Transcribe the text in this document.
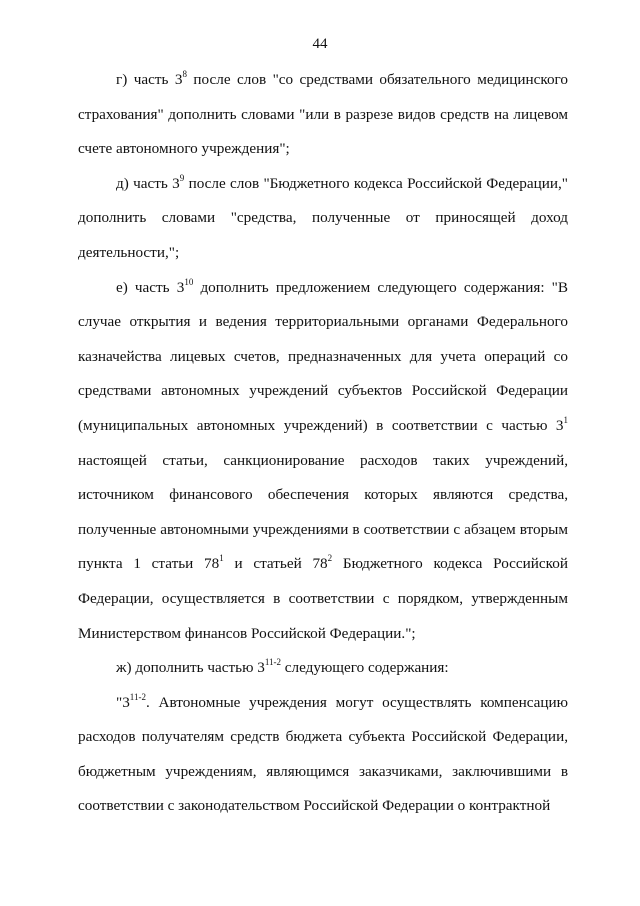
44

г) часть $3^8$ после слов "со средствами обязательного медицинского страхования" дополнить словами "или в разрезе видов средств на лицевом счете автономного учреждения";

д) часть $3^9$ после слов "Бюджетного кодекса Российской Федерации," дополнить словами "средства, полученные от приносящей доход деятельности,";

е) часть $3^{10}$ дополнить предложением следующего содержания: "В случае открытия и ведения территориальными органами Федерального казначейства лицевых счетов, предназначенных для учета операций со средствами автономных учреждений субъектов Российской Федерации (муниципальных автономных учреждений) в соответствии с частью $3^1$ настоящей статьи, санкционирование расходов таких учреждений, источником финансового обеспечения которых являются средства, полученные автономными учреждениями в соответствии с абзацем вторым пункта 1 статьи $78^1$ и статьей $78^2$ Бюджетного кодекса Российской Федерации, осуществляется в соответствии с порядком, утвержденным Министерством финансов Российской Федерации.";

ж) дополнить частью 3$^{11-2}$ следующего содержания:

"3$^{11-2}$. Автономные учреждения могут осуществлять компенсацию расходов получателям средств бюджета субъекта Российской Федерации, бюджетным учреждениям, являющимся заказчиками, заключившими в соответствии с законодательством Российской Федерации о контрактной
